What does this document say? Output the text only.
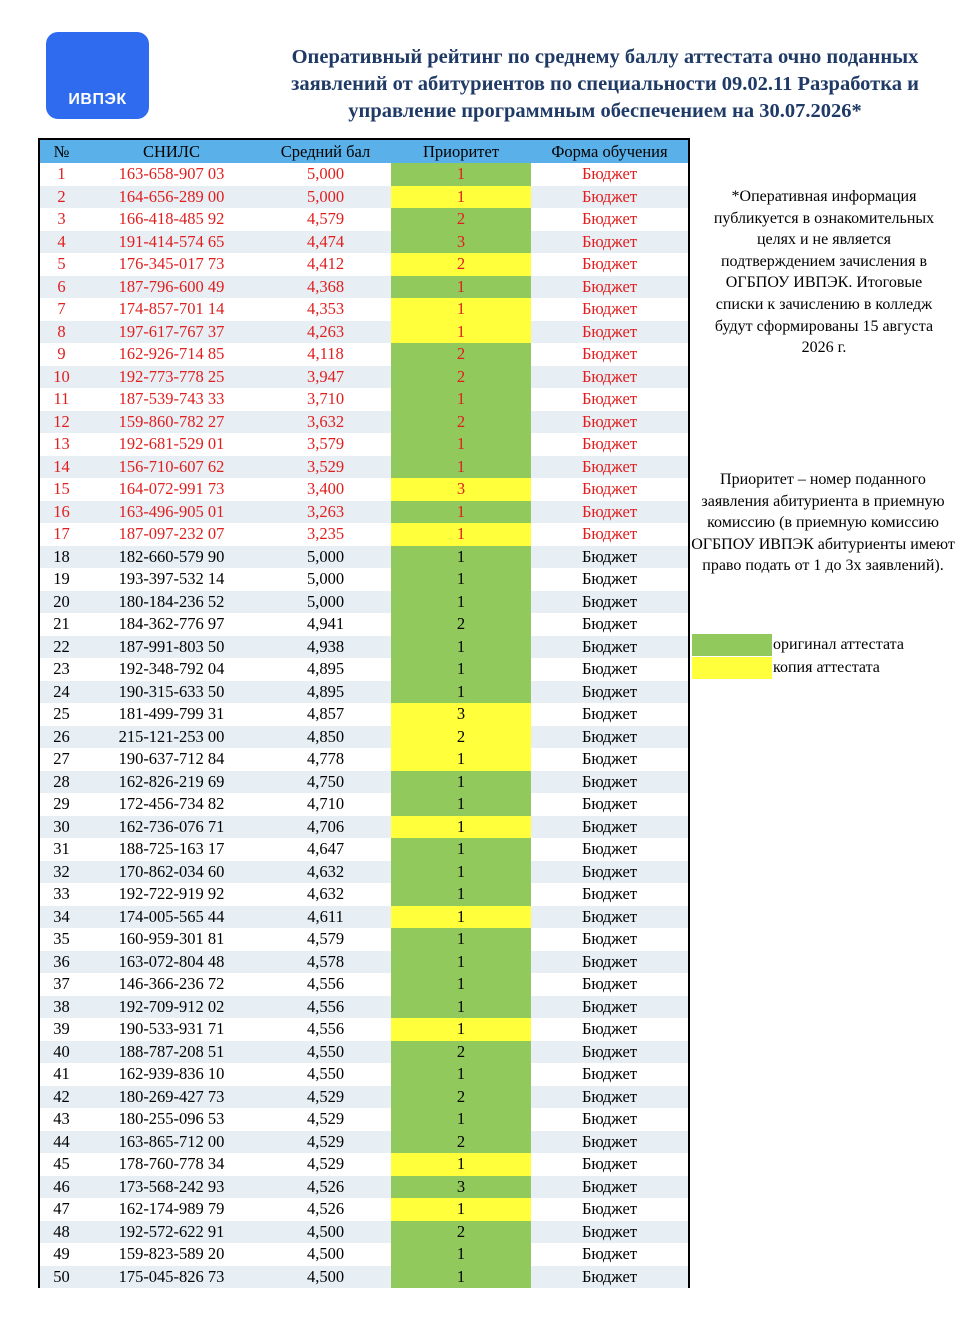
ИВПЭК
Оперативный рейтинг по среднему баллу аттестата очно поданных заявлений от абитуриентов по специальности 09.02.11 Разработка и управление программным обеспечением на 30.07.2026*
№	СНИЛС	Средний бал	Приоритет	Форма обучения
1	163-658-907 03	5,000	1	Бюджет
2	164-656-289 00	5,000	1	Бюджет
3	166-418-485 92	4,579	2	Бюджет
4	191-414-574 65	4,474	3	Бюджет
5	176-345-017 73	4,412	2	Бюджет
6	187-796-600 49	4,368	1	Бюджет
7	174-857-701 14	4,353	1	Бюджет
8	197-617-767 37	4,263	1	Бюджет
9	162-926-714 85	4,118	2	Бюджет
10	192-773-778 25	3,947	2	Бюджет
11	187-539-743 33	3,710	1	Бюджет
12	159-860-782 27	3,632	2	Бюджет
13	192-681-529 01	3,579	1	Бюджет
14	156-710-607 62	3,529	1	Бюджет
15	164-072-991 73	3,400	3	Бюджет
16	163-496-905 01	3,263	1	Бюджет
17	187-097-232 07	3,235	1	Бюджет
18	182-660-579 90	5,000	1	Бюджет
19	193-397-532 14	5,000	1	Бюджет
20	180-184-236 52	5,000	1	Бюджет
21	184-362-776 97	4,941	2	Бюджет
22	187-991-803 50	4,938	1	Бюджет
23	192-348-792 04	4,895	1	Бюджет
24	190-315-633 50	4,895	1	Бюджет
25	181-499-799 31	4,857	3	Бюджет
26	215-121-253 00	4,850	2	Бюджет
27	190-637-712 84	4,778	1	Бюджет
28	162-826-219 69	4,750	1	Бюджет
29	172-456-734 82	4,710	1	Бюджет
30	162-736-076 71	4,706	1	Бюджет
31	188-725-163 17	4,647	1	Бюджет
32	170-862-034 60	4,632	1	Бюджет
33	192-722-919 92	4,632	1	Бюджет
34	174-005-565 44	4,611	1	Бюджет
35	160-959-301 81	4,579	1	Бюджет
36	163-072-804 48	4,578	1	Бюджет
37	146-366-236 72	4,556	1	Бюджет
38	192-709-912 02	4,556	1	Бюджет
39	190-533-931 71	4,556	1	Бюджет
40	188-787-208 51	4,550	2	Бюджет
41	162-939-836 10	4,550	1	Бюджет
42	180-269-427 73	4,529	2	Бюджет
43	180-255-096 53	4,529	1	Бюджет
44	163-865-712 00	4,529	2	Бюджет
45	178-760-778 34	4,529	1	Бюджет
46	173-568-242 93	4,526	3	Бюджет
47	162-174-989 79	4,526	1	Бюджет
48	192-572-622 91	4,500	2	Бюджет
49	159-823-589 20	4,500	1	Бюджет
50	175-045-826 73	4,500	1	Бюджет
*Оперативная информация публикуется в ознакомительных целях и не является подтверждением зачисления в ОГБПОУ ИВПЭК. Итоговые списки к зачислению в колледж будут сформированы 15 августа 2026 г.
Приоритет – номер поданного заявления абитуриента в приемную комиссию (в приемную комиссию ОГБПОУ ИВПЭК абитуриенты имеют право подать от 1 до 3х заявлений).
оригинал аттестата
копия аттестата
